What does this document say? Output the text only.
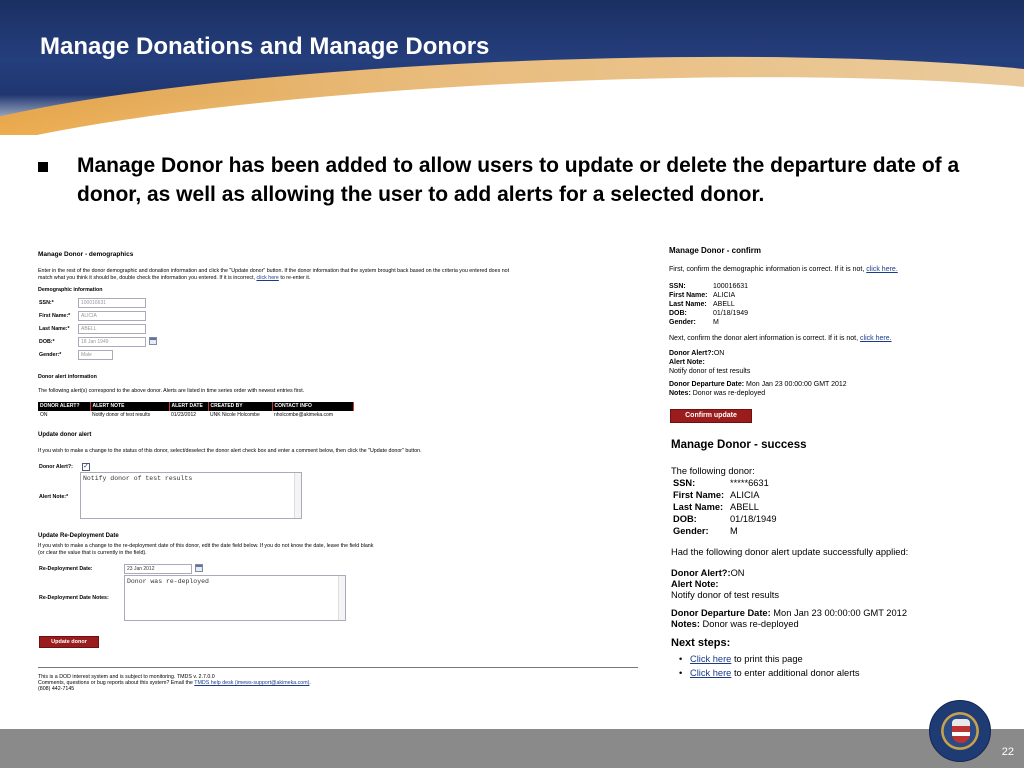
Manage Donations and Manage Donors
Manage Donor has been added to allow users to update or delete the departure date of a donor, as well as allowing the user to add alerts for a selected donor.
Manage Donor - demographics
Enter in the rest of the donor demographic and donation information and click the "Update donor" button. If the donor information that the system brought back based on the criteria you entered does not
match what you think it should be, double check the information you entered. If it is incorrect, click here to re-enter it.
Demographic information
SSN:*	100016631
First Name:*	ALICIA
Last Name:*	ABELL
DOB:*	18 Jan 1949
Gender:*	Male
Donor alert information
The following alert(s) correspond to the above donor. Alerts are listed in time series order with newest entries first.
DONOR ALERT?	ALERT NOTE	ALERT DATE	CREATED BY	CONTACT INFO
ON	Notify donor of test results	01/23/2012	UNK Nicole Holcombe	nholcombe@akimeka.com
Update donor alert
If you wish to make a change to the status of this donor, select/deselect the donor alert check box and enter a comment below, then click the "Update donor" button.
Donor Alert?: ✓
Alert Note:*
Notify donor of test results
Update Re-Deployment Date
If you wish to make a change to the re-deployment date of this donor, edit the date field below. If you do not know the date, leave the field blank
(or clear the value that is currently in the field).
Re-Deployment Date:	23 Jan 2012
Re-Deployment Date Notes:
Donor was re-deployed
Update donor
This is a DOD interest system and is subject to monitoring. TMDS v. 2.7.0.0
Comments, questions or bug reports about this system? Email the TMDS help desk (imews-support@akimeka.com).
(808) 442-7145
Manage Donor - confirm
First, confirm the demographic information is correct. If it is not, click here.
SSN:	100016631
First Name: ALICIA
Last Name: ABELL
DOB:	01/18/1949
Gender: M
Next, confirm the donor alert information is correct. If it is not, click here.
Donor Alert?:ON
Alert Note:
Notify donor of test results
Donor Departure Date: Mon Jan 23 00:00:00 GMT 2012
Notes: Donor was re-deployed
Confirm update
Manage Donor - success
The following donor:
SSN:	*****6631
First Name: ALICIA
Last Name: ABELL
DOB:	01/18/1949
Gender: M
Had the following donor alert update successfully applied:
Donor Alert?:ON
Alert Note:
Notify donor of test results
Donor Departure Date: Mon Jan 23 00:00:00 GMT 2012
Notes: Donor was re-deployed
Next steps:
• Click here to print this page
• Click here to enter additional donor alerts
22
